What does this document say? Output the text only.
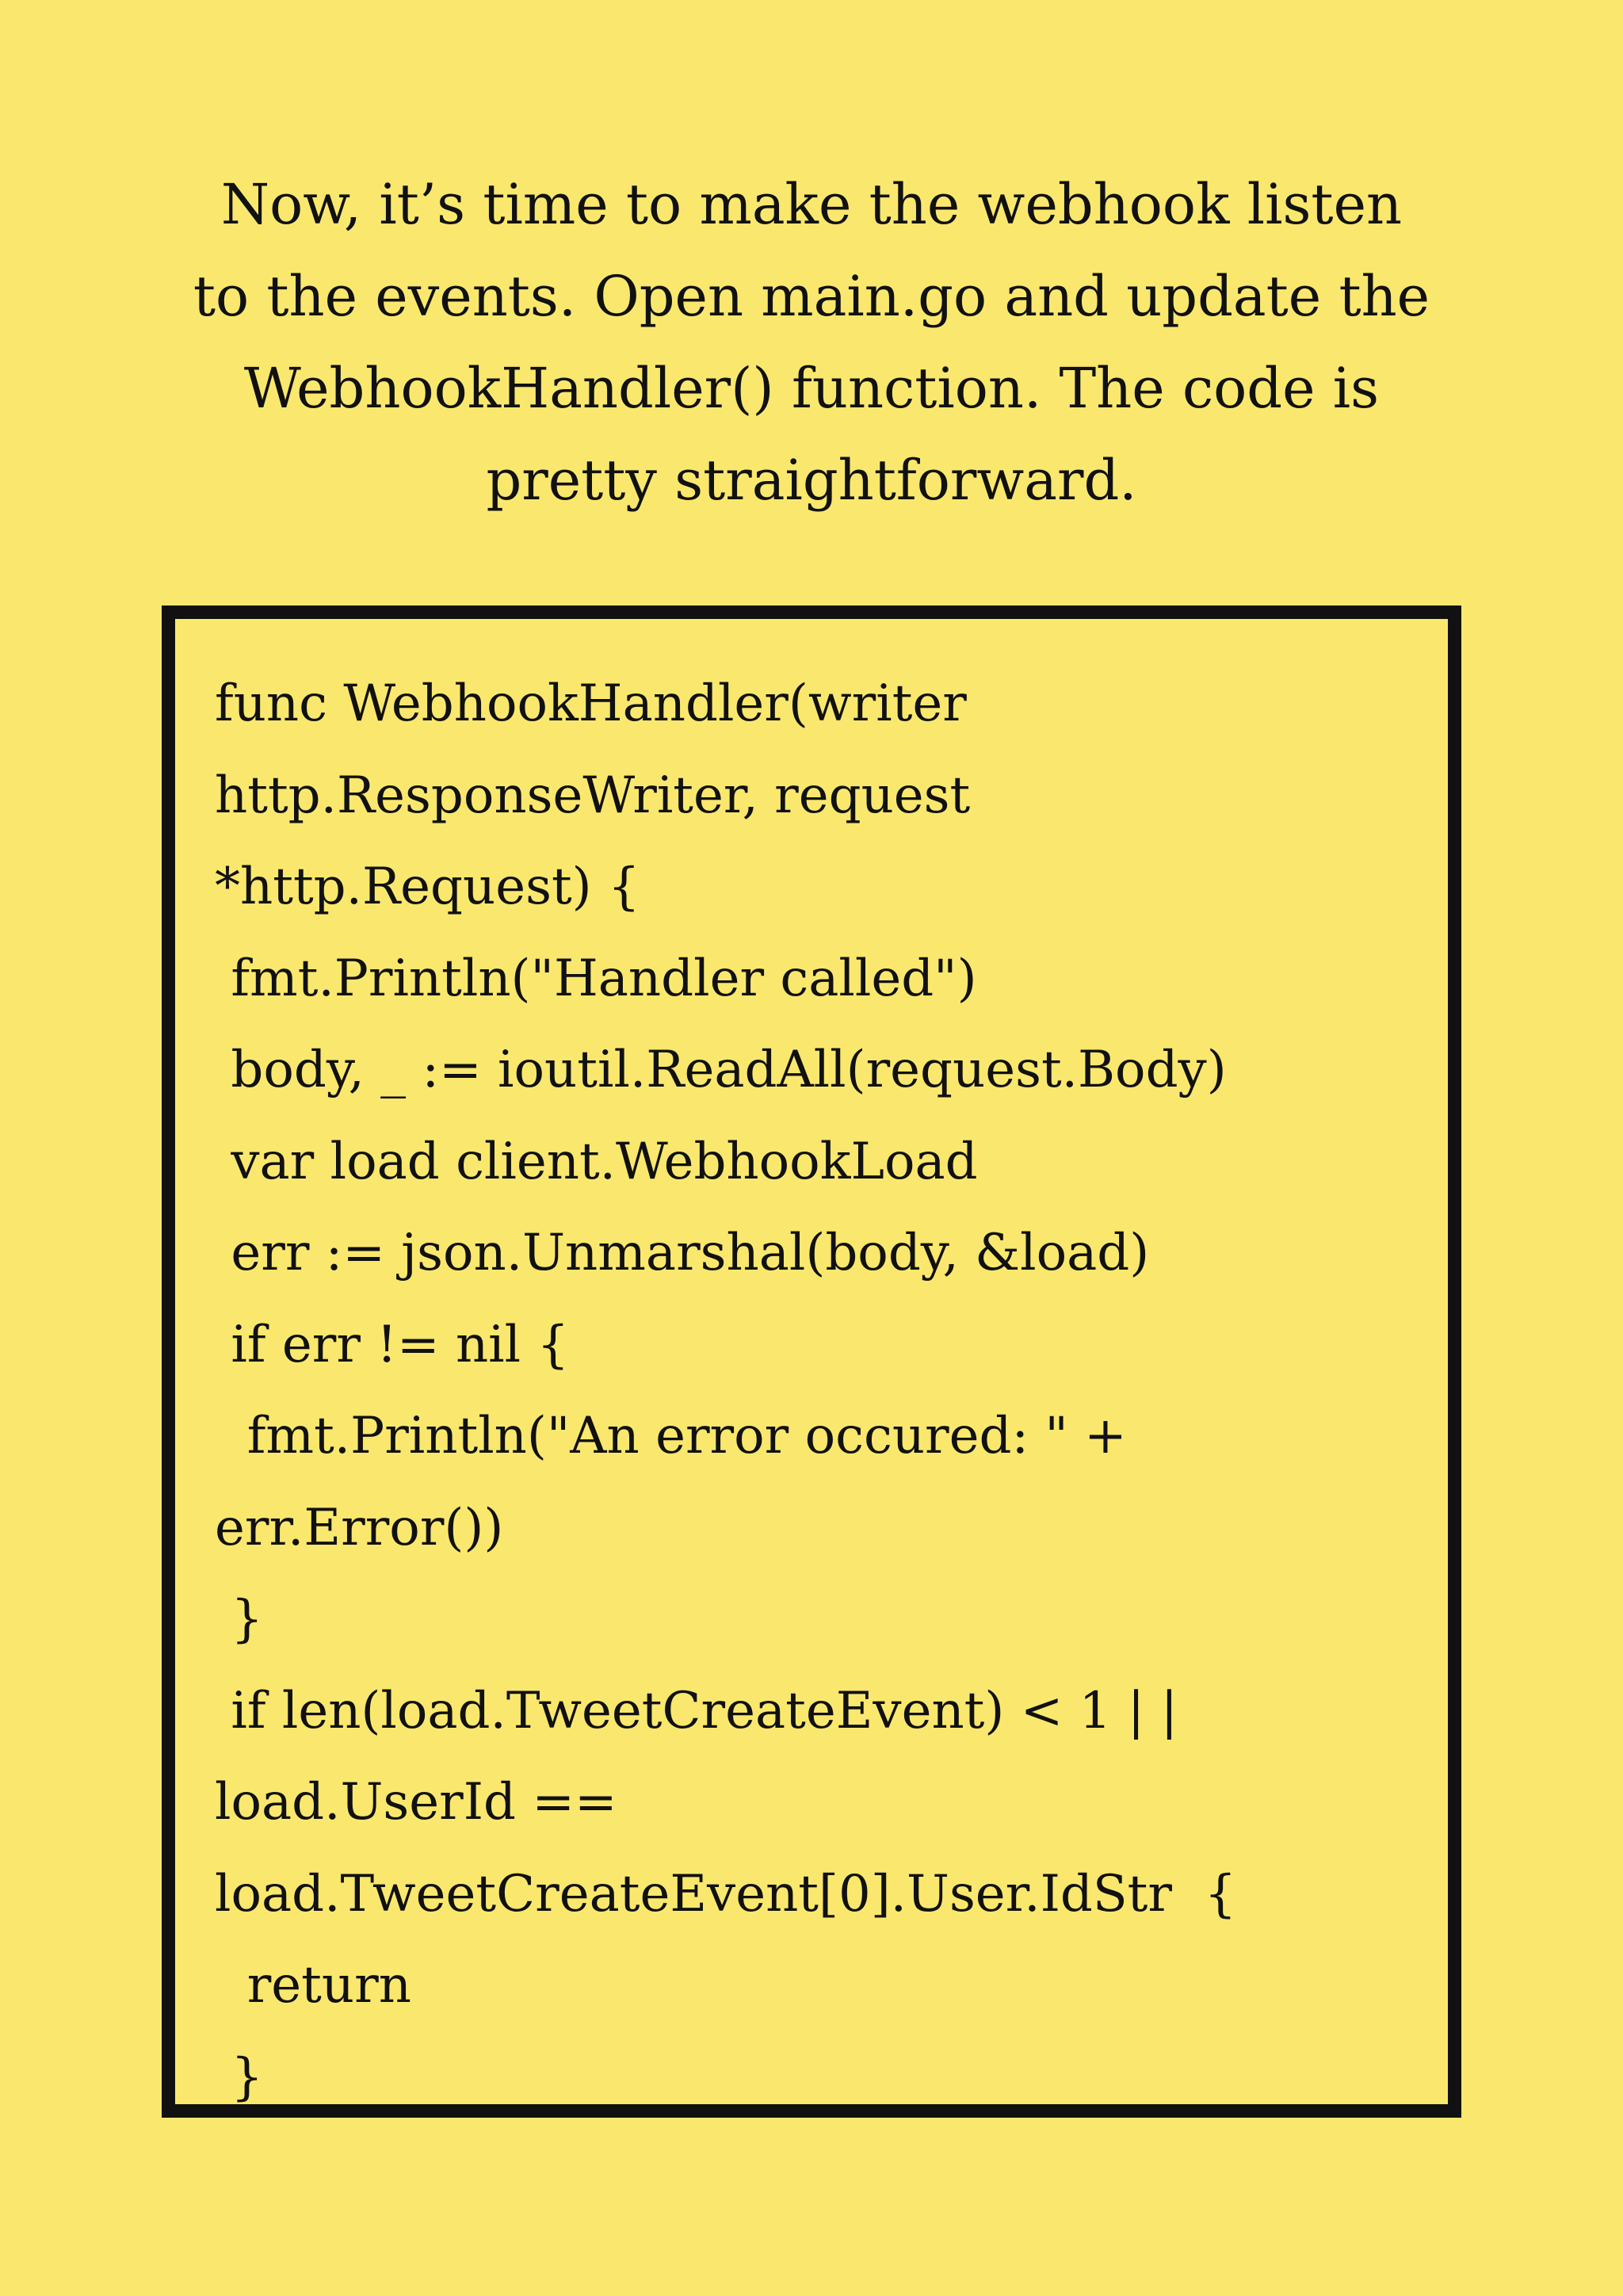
Now, it’s time to make the webhook listen
to the events. Open main.go and update the
WebhookHandler() function. The code is
pretty straightforward.

func WebhookHandler(writer
http.ResponseWriter, request
*http.Request) {
fmt.Println("Handler called")
body, _ := ioutil.ReadAll(request.Body)
var load client.WebhookLoad
err := json.Unmarshal(body, &load)
if err != nil {
fmt.Println("An error occured: " +
err.Error())
}
if len(load.TweetCreateEvent) < 1 | |
load.UserId ==
load.TweetCreateEvent[0].User.IdStr  {
return
}
